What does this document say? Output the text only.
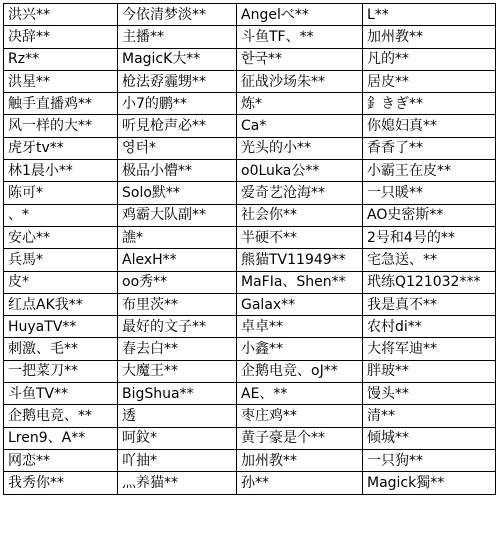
洪兴**	今依清梦淡**	Angelべ**	L**
决辞**	主播**	斗鱼TF、**	加州教**
Rz**	MagicK大**	한국**	凡的**
洪星**	枪法孬霾甥**	征战沙场朱**	居皮**
触手直播鸡**	小7的鹏**	炼*	釒きぎ**
风一样的大**	听見枪声必**	Ca*	你媳妇真**
虎牙tv**	영터*	光头的小**	香香了**
林1晨小**	极品小懵**	o0Luka公**	小霸王在皮**
陈可*	Solo默**	爱奇艺沧海**	一只暖**
、*	鸡霸大队副**	社会你**	AO史密斯**
安心**	譙*	半硬不**	2号和4号的**
兵馬*	AlexH**	熊猫TV11949**	宅急送、**
皮*	oo秀**	MaFIa、Shen**	玳练Q121032***
红点AK我**	布里茨**	Galax**	我是真不**
HuyaTV**	最好的文子**	卓卓**	农村di**
刺激、毛**	春去白**	小鑫**	大将军迪**
一把菜刀**	大魔王**	企鹅电竞、oJ**	胖玻**
斗鱼TV**	BigShua**	AE、**	馒头**
企鹅电竞、**	透	枣庄鸡**	清**
Lren9、A**	呵鈫*	黄子豪是个**	倾城**
网恋**	吖抽*	加州教**	一只狗**
我秀你**	灬养猫**	孙**	Magick獨**
